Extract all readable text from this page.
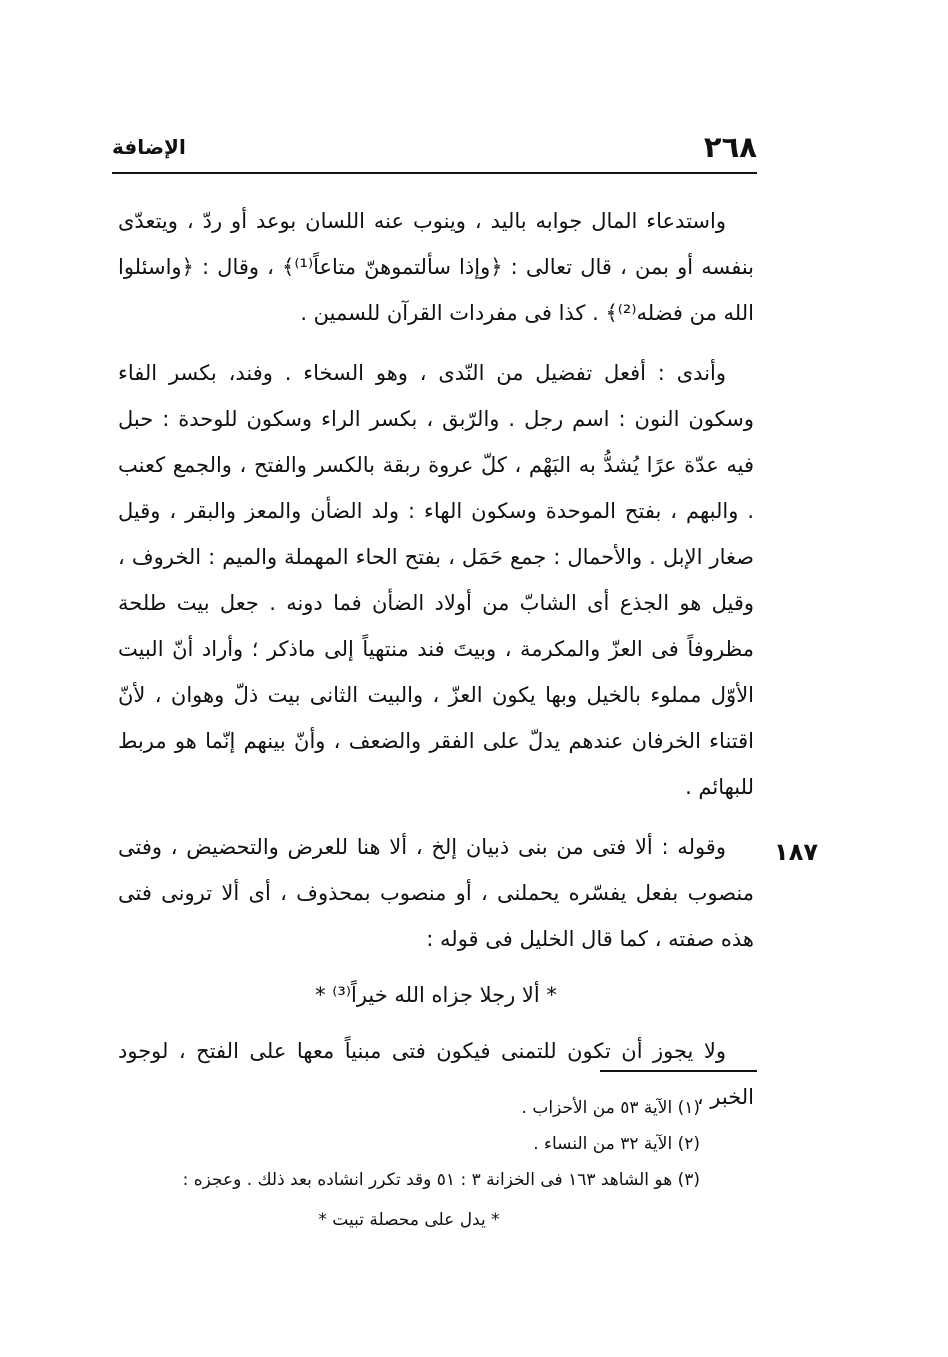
٢٦٨
الإضافة
١٨٧

واستدعاء المال جوابه باليد ، وينوب عنه اللسان بوعد أو ردّ ، ويتعدّى بنفسه أو بمن ، قال تعالى : ﴿وإذا سألتموهنّ متاعاً⁽¹⁾﴾ ، وقال : ﴿واسئلوا الله من فضله⁽²⁾﴾ . كذا فى مفردات القرآن للسمين .

وأندى : أفعل تفضيل من النّدى ، وهو السخاء . وفند، بكسر الفاء وسكون النون : اسم رجل . والرّبق ، بكسر الراء وسكون للوحدة : حبل فيه عدّة عرًا يُشدُّ به البَهْم ، كلّ عروة ربقة بالكسر والفتح ، والجمع كعنب . والبهم ، بفتح الموحدة وسكون الهاء : ولد الضأن والمعز والبقر ، وقيل صغار الإبل . والأحمال : جمع حَمَل ، بفتح الحاء المهملة والميم : الخروف ، وقيل هو الجذع أى الشابّ من أولاد الضأن فما دونه . جعل بيت طلحة مظروفاً فى العزّ والمكرمة ، وبيتَ فند منتهياً إلى ماذكر ؛ وأراد أنّ البيت الأوّل مملوء بالخيل وبها يكون العزّ ، والبيت الثانى بيت ذلّ وهوان ، لأنّ اقتناء الخرفان عندهم يدلّ على الفقر والضعف ، وأنّ بينهم إنّما هو مربط للبهائم .

وقوله : ألا فتى من بنى ذبيان إلخ ، ألا هنا للعرض والتحضيض ، وفتى منصوب بفعل يفسّره يحملنى ، أو منصوب بمحذوف ، أى ألا ترونى فتى هذه صفته ، كما قال الخليل فى قوله :

* ألا رجلا جزاه الله خيراً⁽³⁾ *

ولا يجوز أن تكون للتمنى فيكون فتى مبنياً معها على الفتح ، لوجود الخبر ،

(١) الآية ٥٣ من الأحزاب .

(٢) الآية ٣٢ من النساء .

(٣) هو الشاهد ١٦٣ فى الخزانة ٣ : ٥١ وقد تكرر انشاده بعد ذلك . وعجزه :

* يدل على محصلة تبيت *
